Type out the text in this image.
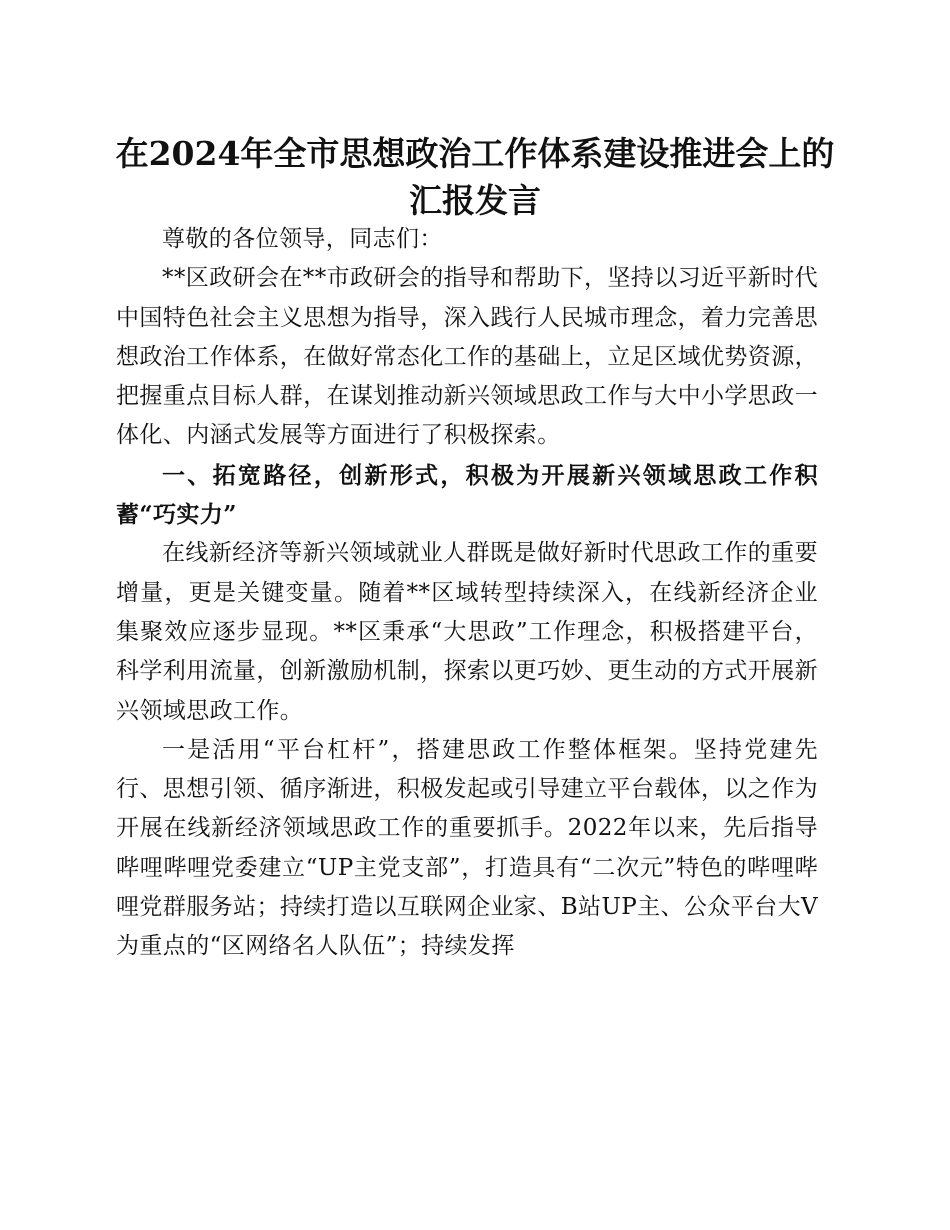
在2024年全市思想政治工作体系建设推进会上的汇报发言

尊敬的各位领导，同志们：

**区政研会在**市政研会的指导和帮助下，坚持以习近平新时代中国特色社会主义思想为指导，深入践行人民城市理念，着力完善思想政治工作体系，在做好常态化工作的基础上，立足区域优势资源，把握重点目标人群，在谋划推动新兴领域思政工作与大中小学思政一体化、内涵式发展等方面进行了积极探索。

一、拓宽路径，创新形式，积极为开展新兴领域思政工作积蓄“巧实力”

在线新经济等新兴领域就业人群既是做好新时代思政工作的重要增量，更是关键变量。随着**区域转型持续深入，在线新经济企业集聚效应逐步显现。**区秉承“大思政”工作理念，积极搭建平台，科学利用流量，创新激励机制，探索以更巧妙、更生动的方式开展新兴领域思政工作。

一是活用“平台杠杆”，搭建思政工作整体框架。坚持党建先行、思想引领、循序渐进，积极发起或引导建立平台载体，以之作为开展在线新经济领域思政工作的重要抓手。2022年以来，先后指导哔哩哔哩党委建立“UP主党支部”，打造具有“二次元”特色的哔哩哔哩党群服务站；持续打造以互联网企业家、B站UP主、公众平台大V为重点的“区网络名人队伍”；持续发挥
